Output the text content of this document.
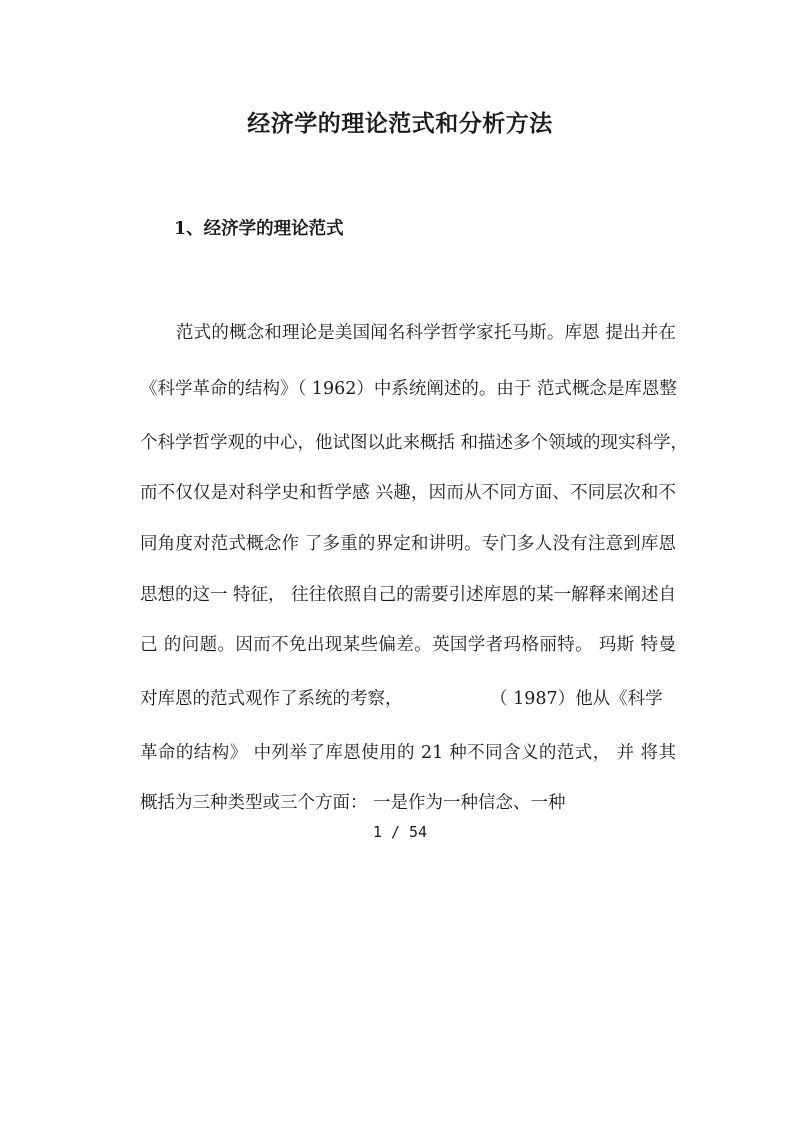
经济学的理论范式和分析方法
1、经济学的理论范式

范式的概念和理论是美国闻名科学哲学家托马斯。库恩 提出并在

《科学革命的结构》（ 1962）中系统阐述的。由于 范式概念是库恩整

个科学哲学观的中心，他试图以此来概括 和描述多个领域的现实科学，

而不仅仅是对科学史和哲学感 兴趣，因而从不同方面、不同层次和不

同角度对范式概念作 了多重的界定和讲明。专门多人没有注意到库恩

思想的这一 特征， 往往依照自己的需要引述库恩的某一解释来阐述自

己 的问题。因而不免出现某些偏差。英国学者玛格丽特。 玛斯 特曼

对库恩的范式观作了系统的考察，	（ 1987）他从《科学

革命的结构》 中列举了库恩使用的 21 种不同含义的范式， 并 将其

概括为三种类型或三个方面： 一是作为一种信念、一种

1 / 54
